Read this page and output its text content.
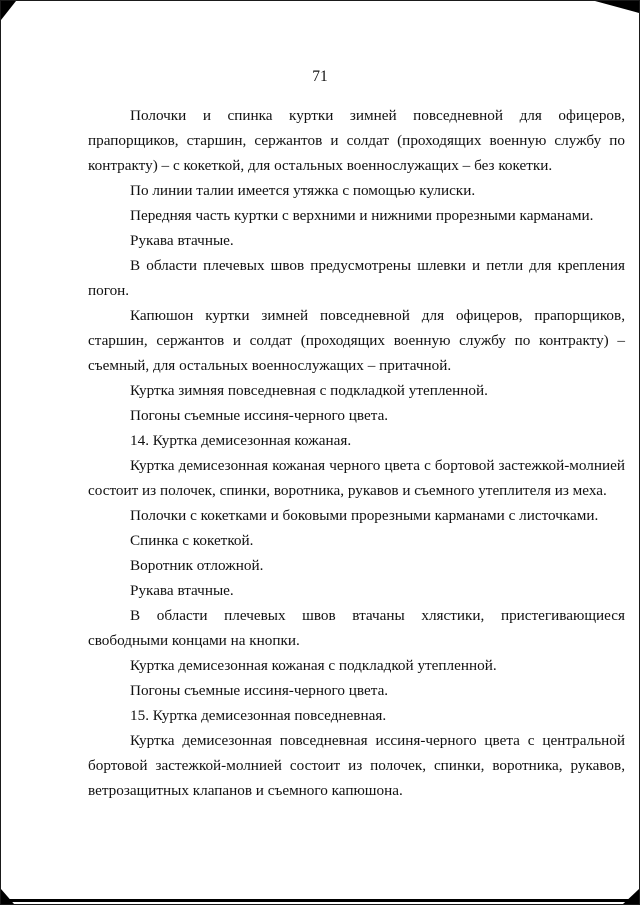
71

Полочки и спинка куртки зимней повседневной для офицеров, прапорщиков, старшин, сержантов и солдат (проходящих военную службу по контракту) – с кокеткой, для остальных военнослужащих – без кокетки.

По линии талии имеется утяжка с помощью кулиски.

Передняя часть куртки с верхними и нижними прорезными карманами.

Рукава втачные.

В области плечевых швов предусмотрены шлевки и петли для крепления погон.

Капюшон куртки зимней повседневной для офицеров, прапорщиков, старшин, сержантов и солдат (проходящих военную службу по контракту) – съемный, для остальных военнослужащих – притачной.

Куртка зимняя повседневная с подкладкой утепленной.

Погоны съемные иссиня-черного цвета.

14. Куртка демисезонная кожаная.

Куртка демисезонная кожаная черного цвета с бортовой застежкой-молнией состоит из полочек, спинки, воротника, рукавов и съемного утеплителя из меха.

Полочки с кокетками и боковыми прорезными карманами с листочками.

Спинка с кокеткой.

Воротник отложной.

Рукава втачные.

В области плечевых швов втачаны хлястики, пристегивающиеся свободными концами на кнопки.

Куртка демисезонная кожаная с подкладкой утепленной.

Погоны съемные иссиня-черного цвета.

15. Куртка демисезонная повседневная.

Куртка демисезонная повседневная иссиня-черного цвета с центральной бортовой застежкой-молнией состоит из полочек, спинки, воротника, рукавов, ветрозащитных клапанов и съемного капюшона.
